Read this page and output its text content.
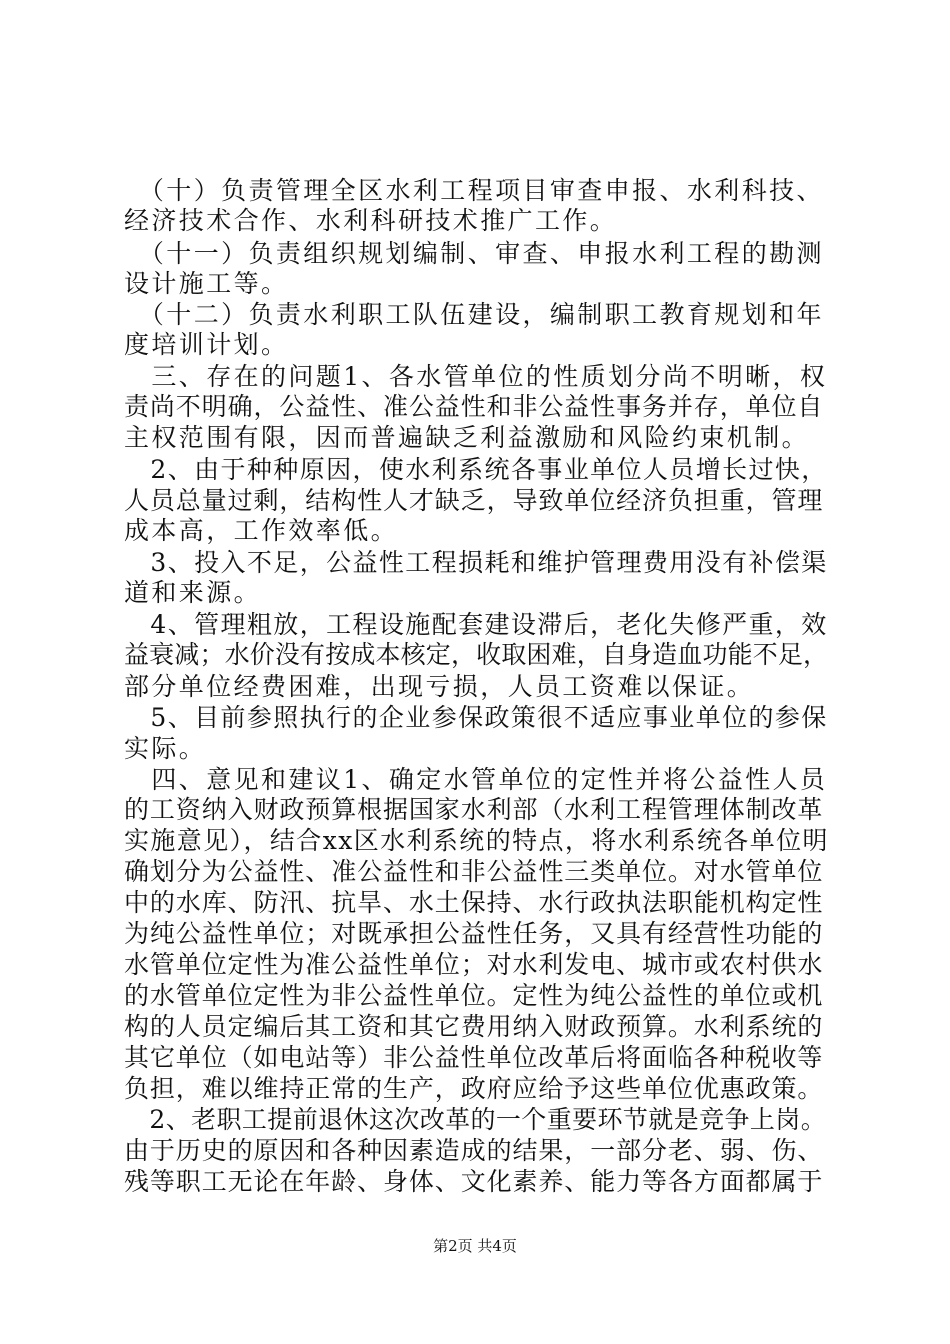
　（十）负责管理全区水利工程项目审查申报、水利科技、
经济技术合作、水利科研技术推广工作。
　（十一）负责组织规划编制、审查、申报水利工程的勘测
设计施工等。
　（十二）负责水利职工队伍建设，编制职工教育规划和年
度培训计划。
　三、存在的问题1、各水管单位的性质划分尚不明晰，权
责尚不明确，公益性、准公益性和非公益性事务并存，单位自
主权范围有限，因而普遍缺乏利益激励和风险约束机制。
　2、由于种种原因，使水利系统各事业单位人员增长过快，
人员总量过剩，结构性人才缺乏，导致单位经济负担重，管理
成本高，工作效率低。
　3、投入不足，公益性工程损耗和维护管理费用没有补偿渠
道和来源。
　4、管理粗放，工程设施配套建设滞后，老化失修严重，效
益衰减；水价没有按成本核定，收取困难，自身造血功能不足，
部分单位经费困难，出现亏损，人员工资难以保证。
　5、目前参照执行的企业参保政策很不适应事业单位的参保
实际。
　四、意见和建议1、确定水管单位的定性并将公益性人员
的工资纳入财政预算根据国家水利部（水利工程管理体制改革
实施意见），结合xx区水利系统的特点，将水利系统各单位明
确划分为公益性、准公益性和非公益性三类单位。对水管单位
中的水库、防汛、抗旱、水土保持、水行政执法职能机构定性
为纯公益性单位；对既承担公益性任务，又具有经营性功能的
水管单位定性为准公益性单位；对水利发电、城市或农村供水
的水管单位定性为非公益性单位。定性为纯公益性的单位或机
构的人员定编后其工资和其它费用纳入财政预算。水利系统的
其它单位（如电站等）非公益性单位改革后将面临各种税收等
负担，难以维持正常的生产，政府应给予这些单位优惠政策。
　2、老职工提前退休这次改革的一个重要环节就是竞争上岗。
由于历史的原因和各种因素造成的结果，一部分老、弱、伤、
残等职工无论在年龄、身体、文化素养、能力等各方面都属于
第2页 共4页
